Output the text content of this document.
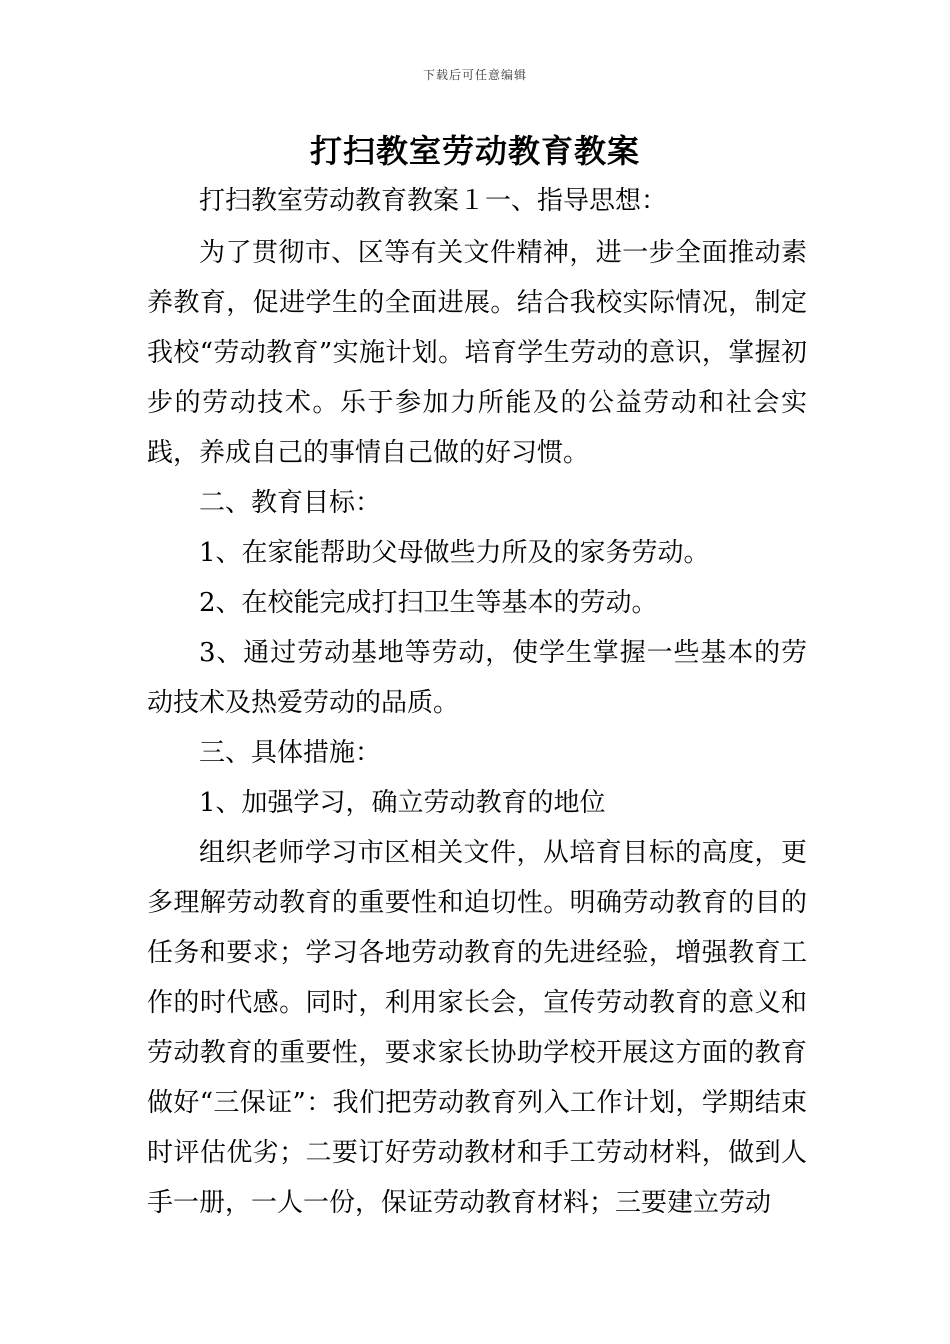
下载后可任意编辑
打扫教室劳动教育教案

打扫教室劳动教育教案１一、指导思想：

为了贯彻市、区等有关文件精神，进一步全面推动素养教育，促进学生的全面进展。结合我校实际情况，制定我校“劳动教育”实施计划。培育学生劳动的意识，掌握初步的劳动技术。乐于参加力所能及的公益劳动和社会实践，养成自己的事情自己做的好习惯。

二、教育目标：

1、在家能帮助父母做些力所及的家务劳动。

2、在校能完成打扫卫生等基本的劳动。

3、通过劳动基地等劳动，使学生掌握一些基本的劳动技术及热爱劳动的品质。

三、具体措施：

1、加强学习，确立劳动教育的地位

组织老师学习市区相关文件，从培育目标的高度，更多理解劳动教育的重要性和迫切性。明确劳动教育的目的任务和要求；学习各地劳动教育的先进经验，增强教育工作的时代感。同时，利用家长会，宣传劳动教育的意义和劳动教育的重要性，要求家长协助学校开展这方面的教育做好“三保证”：我们把劳动教育列入工作计划，学期结束时评估优劣；二要订好劳动教材和手工劳动材料，做到人手一册，一人一份，保证劳动教育材料；三要建立劳动
